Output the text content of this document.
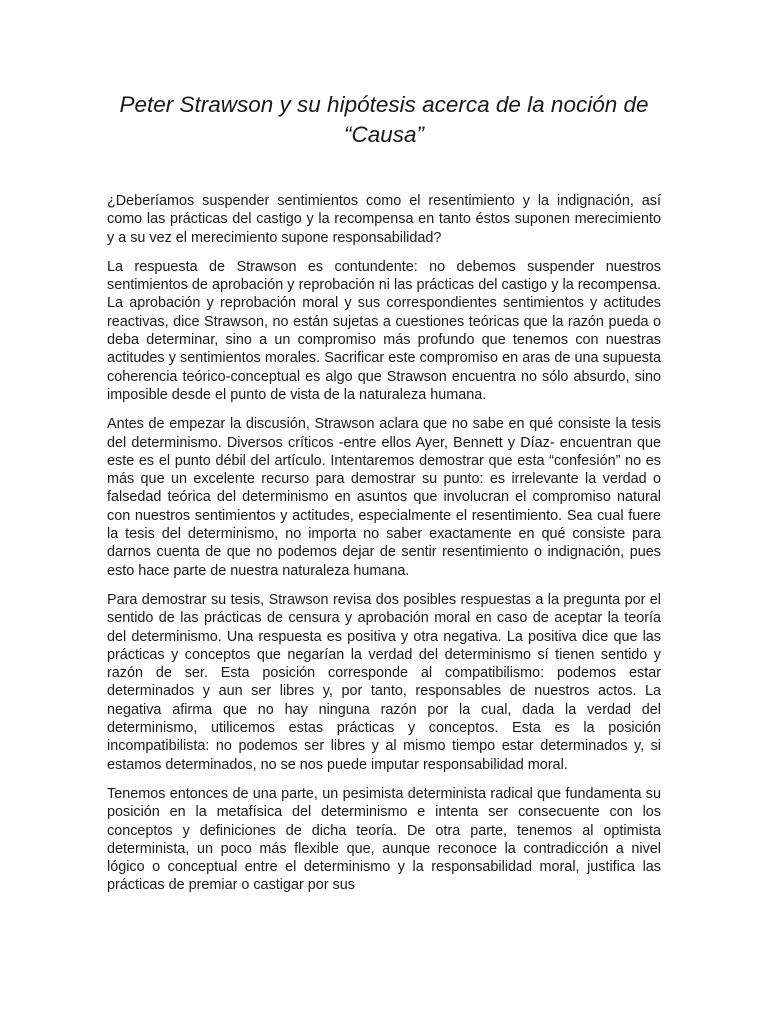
Peter Strawson y su hipótesis acerca de la noción de “Causa”

¿Deberíamos suspender sentimientos como el resentimiento y la indignación, así como las prácticas del castigo y la recompensa en tanto éstos suponen merecimiento y a su vez el merecimiento supone responsabilidad?

La respuesta de Strawson es contundente: no debemos suspender nuestros sentimientos de aprobación y reprobación ni las prácticas del castigo y la recompensa. La aprobación y reprobación moral y sus correspondientes sentimientos y actitudes reactivas, dice Strawson, no están sujetas a cuestiones teóricas que la razón pueda o deba determinar, sino a un compromiso más profundo que tenemos con nuestras actitudes y sentimientos morales. Sacrificar este compromiso en aras de una supuesta coherencia teórico-conceptual es algo que Strawson encuentra no sólo absurdo, sino imposible desde el punto de vista de la naturaleza humana.

Antes de empezar la discusión, Strawson aclara que no sabe en qué consiste la tesis del determinismo. Diversos críticos -entre ellos Ayer, Bennett y Díaz- encuentran que este es el punto débil del artículo. Intentaremos demostrar que esta “confesión” no es más que un excelente recurso para demostrar su punto: es irrelevante la verdad o falsedad teórica del determinismo en asuntos que involucran el compromiso natural con nuestros sentimientos y actitudes, especialmente el resentimiento. Sea cual fuere la tesis del determinismo, no importa no saber exactamente en qué consiste para darnos cuenta de que no podemos dejar de sentir resentimiento o indignación, pues esto hace parte de nuestra naturaleza humana.

Para demostrar su tesis, Strawson revisa dos posibles respuestas a la pregunta por el sentido de las prácticas de censura y aprobación moral en caso de aceptar la teoría del determinismo. Una respuesta es positiva y otra negativa. La positiva dice que las prácticas y conceptos que negarían la verdad del determinismo sí tienen sentido y razón de ser. Esta posición corresponde al compatibilismo: podemos estar determinados y aun ser libres y, por tanto, responsables de nuestros actos. La negativa afirma que no hay ninguna razón por la cual, dada la verdad del determinismo, utilicemos estas prácticas y conceptos. Esta es la posición incompatibilista: no podemos ser libres y al mismo tiempo estar determinados y, si estamos determinados, no se nos puede imputar responsabilidad moral.

Tenemos entonces de una parte, un pesimista determinista radical que fundamenta su posición en la metafísica del determinismo e intenta ser consecuente con los conceptos y definiciones de dicha teoría. De otra parte, tenemos al optimista determinista, un poco más flexible que, aunque reconoce la contradicción a nivel lógico o conceptual entre el determinismo y la responsabilidad moral, justifica las prácticas de premiar o castigar por sus
